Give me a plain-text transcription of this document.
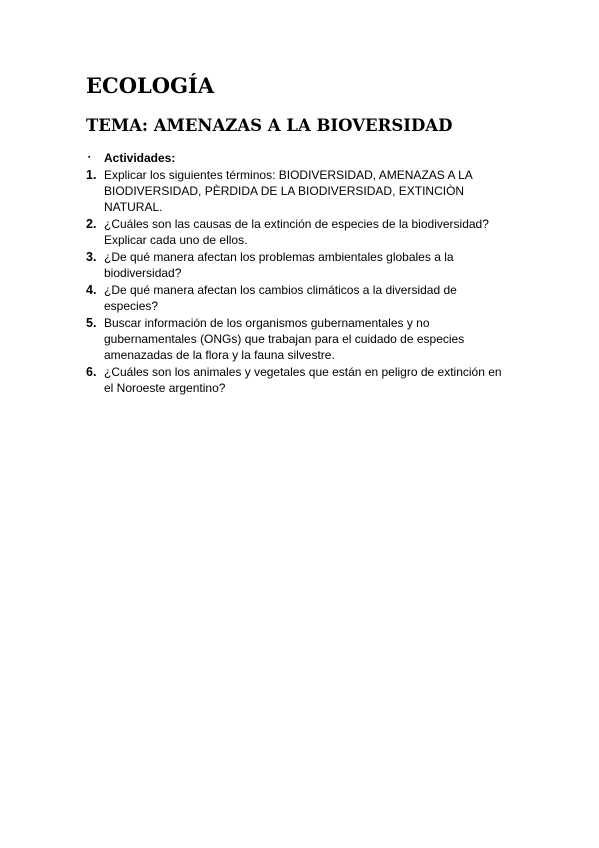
ECOLOGÍA
TEMA: AMENAZAS A LA BIOVERSIDAD
▪	Actividades:
1. Explicar los siguientes términos: BIODIVERSIDAD, AMENAZAS A LA BIODIVERSIDAD, PÈRDIDA DE LA BIODIVERSIDAD, EXTINCIÒN NATURAL.
2. ¿Cuáles son las causas de la extinción de especies de la biodiversidad? Explicar cada uno de ellos.
3. ¿De qué manera afectan los problemas ambientales globales a la biodiversidad?
4. ¿De qué manera afectan los cambios climáticos a la diversidad de especies?
5. Buscar información de los organismos gubernamentales y no gubernamentales (ONGs) que trabajan para el cuidado de especies amenazadas de la flora y la fauna silvestre.
6. ¿Cuáles son los animales y vegetales que están en peligro de extinción en el Noroeste argentino?
